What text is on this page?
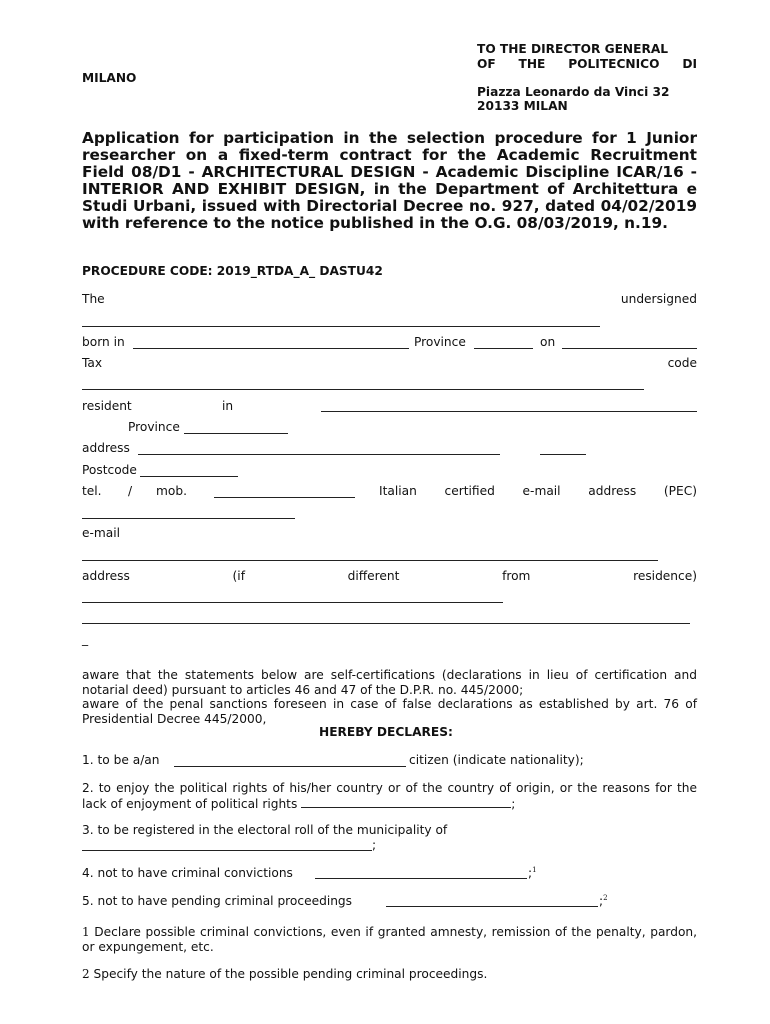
TO THE DIRECTOR GENERAL
OF THE POLITECNICO DI
MILANO
Piazza Leonardo da Vinci 32
20133 MILAN
Application for participation in the selection procedure for 1 Junior researcher on a fixed-term contract for the Academic Recruitment Field 08/D1 - ARCHITECTURAL DESIGN - Academic Discipline ICAR/16 - INTERIOR AND EXHIBIT DESIGN, in the Department of Architettura e Studi Urbani, issued with Directorial Decree no. 927, dated 04/02/2019 with reference to the notice published in the O.G. 08/03/2019, n.19.
PROCEDURE CODE: 2019_RTDA_A_ DASTU42
The	undersigned
born in	Province	on
Tax	code
resident	in
Province
address
Postcode
tel. / mob.	Italian certified e-mail address (PEC)
e-mail
address	(if	different	from	residence)
_
aware that the statements below are self-certifications (declarations in lieu of certification and notarial deed) pursuant to articles 46 and 47 of the D.P.R. no. 445/2000;
aware of the penal sanctions foreseen in case of false declarations as established by art. 76 of Presidential Decree 445/2000,
HEREBY DECLARES:
1. to be a/an	citizen (indicate nationality);
2. to enjoy the political rights of his/her country or of the country of origin, or the reasons for the lack of enjoyment of political rights	;
3. to be registered in the electoral roll of the municipality of
;
4. not to have criminal convictions	;$^1$
5. not to have pending criminal proceedings	;$^2$
1 Declare possible criminal convictions, even if granted amnesty, remission of the penalty, pardon, or expungement, etc.
2 Specify the nature of the possible pending criminal proceedings.
